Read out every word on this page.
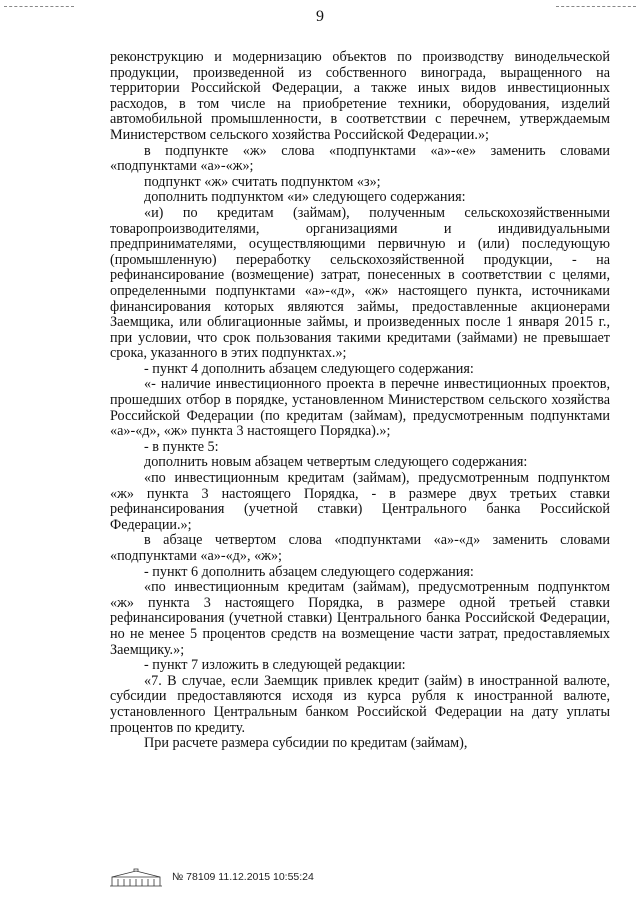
9

реконструкцию и модернизацию объектов по производству винодельческой продукции, произведенной из собственного винограда, выращенного на территории Российской Федерации, а также иных видов инвестиционных расходов, в том числе на приобретение техники, оборудования, изделий автомобильной промышленности, в соответствии с перечнем, утверждаемым Министерством сельского хозяйства Российской Федерации.»;

в подпункте «ж» слова «подпунктами «а»-«е» заменить словами «подпунктами «а»-«ж»;

подпункт «ж» считать подпунктом «з»;

дополнить подпунктом «и» следующего содержания:

«и) по кредитам (займам), полученным сельскохозяйственными товаропроизводителями, организациями и индивидуальными предпринимателями, осуществляющими первичную и (или) последующую (промышленную) переработку сельскохозяйственной продукции, - на рефинансирование (возмещение) затрат, понесенных в соответствии с целями, определенными подпунктами «а»-«д», «ж» настоящего пункта, источниками финансирования которых являются займы, предоставленные акционерами Заемщика, или облигационные займы, и произведенных после 1 января 2015 г., при условии, что срок пользования такими кредитами (займами) не превышает срока, указанного в этих подпунктах.»;

- пункт 4 дополнить абзацем следующего содержания:

«- наличие инвестиционного проекта в перечне инвестиционных проектов, прошедших отбор в порядке, установленном Министерством сельского хозяйства Российской Федерации (по кредитам (займам), предусмотренным подпунктами «а»-«д», «ж» пункта 3 настоящего Порядка).»;

- в пункте 5:

дополнить новым абзацем четвертым следующего содержания:

«по инвестиционным кредитам (займам), предусмотренным подпунктом «ж» пункта 3 настоящего Порядка, - в размере двух третьих ставки рефинансирования (учетной ставки) Центрального банка Российской Федерации.»;

в абзаце четвертом слова «подпунктами «а»-«д» заменить словами «подпунктами «а»-«д», «ж»;

- пункт 6 дополнить абзацем следующего содержания:

«по инвестиционным кредитам (займам), предусмотренным подпунктом «ж» пункта 3 настоящего Порядка, в размере одной третьей ставки рефинансирования (учетной ставки) Центрального банка Российской Федерации, но не менее 5 процентов средств на возмещение части затрат, предоставляемых Заемщику.»;

- пункт 7 изложить в следующей редакции:

«7. В случае, если Заемщик привлек кредит (займ) в иностранной валюте, субсидии предоставляются исходя из курса рубля к иностранной валюте, установленного Центральным банком Российской Федерации на дату уплаты процентов по кредиту.

При расчете размера субсидии по кредитам (займам),

№ 78109 11.12.2015 10:55:24
